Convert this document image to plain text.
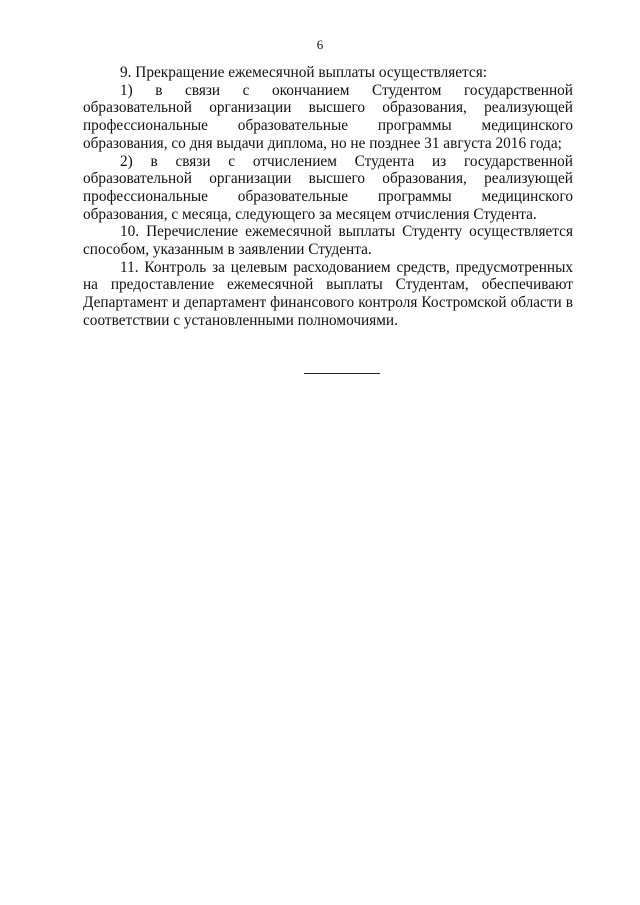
6

9. Прекращение ежемесячной выплаты осуществляется:

1) в связи с окончанием Студентом государственной образовательной организации высшего образования, реализующей профессиональные образовательные программы медицинского образования, со дня выдачи диплома, но не позднее 31 августа 2016 года;

2) в связи с отчислением Студента из государственной образовательной организации высшего образования, реализующей профессиональные образовательные программы медицинского образования, с месяца, следующего за месяцем отчисления Студента.

10. Перечисление ежемесячной выплаты Студенту осуществляется способом, указанным в заявлении Студента.

11. Контроль за целевым расходованием средств, предусмотренных на предоставление ежемесячной выплаты Студентам, обеспечивают Департамент и департамент финансового контроля Костромской области в соответствии с установленными полномочиями.
